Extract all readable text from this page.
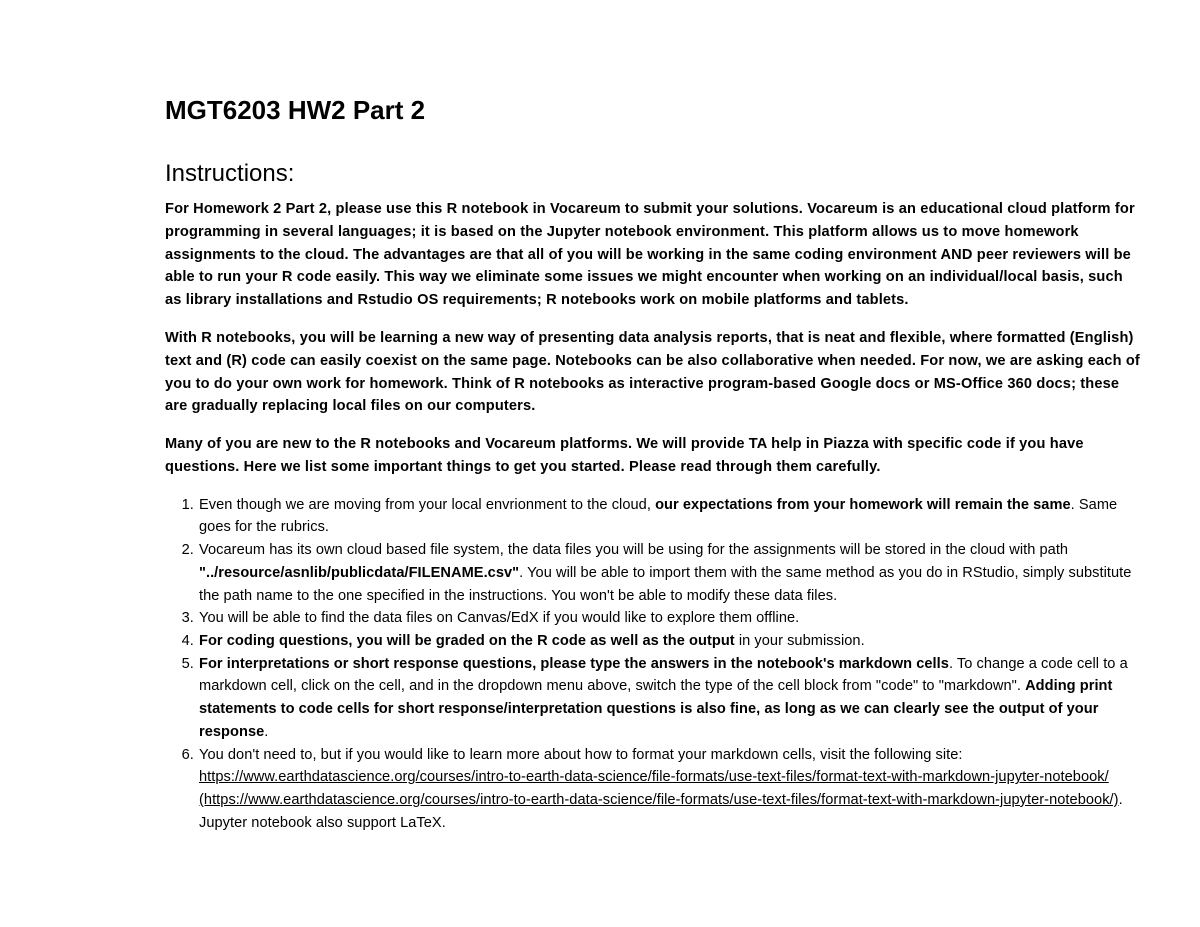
MGT6203 HW2 Part 2
Instructions:

For Homework 2 Part 2, please use this R notebook in Vocareum to submit your solutions. Vocareum is an educational cloud platform for programming in several languages; it is based on the Jupyter notebook environment. This platform allows us to move homework assignments to the cloud. The advantages are that all of you will be working in the same coding environment AND peer reviewers will be able to run your R code easily. This way we eliminate some issues we might encounter when working on an individual/local basis, such as library installations and Rstudio OS requirements; R notebooks work on mobile platforms and tablets.

With R notebooks, you will be learning a new way of presenting data analysis reports, that is neat and flexible, where formatted (English) text and (R) code can easily coexist on the same page. Notebooks can be also collaborative when needed. For now, we are asking each of you to do your own work for homework. Think of R notebooks as interactive program-based Google docs or MS-Office 360 docs; these are gradually replacing local files on our computers.

Many of you are new to the R notebooks and Vocareum platforms. We will provide TA help in Piazza with specific code if you have questions. Here we list some important things to get you started. Please read through them carefully.

1. Even though we are moving from your local envrionment to the cloud, our expectations from your homework will remain the same. Same goes for the rubrics.
2. Vocareum has its own cloud based file system, the data files you will be using for the assignments will be stored in the cloud with path "../resource/asnlib/publicdata/FILENAME.csv". You will be able to import them with the same method as you do in RStudio, simply substitute the path name to the one specified in the instructions. You won't be able to modify these data files.
3. You will be able to find the data files on Canvas/EdX if you would like to explore them offline.
4. For coding questions, you will be graded on the R code as well as the output in your submission.
5. For interpretations or short response questions, please type the answers in the notebook's markdown cells. To change a code cell to a markdown cell, click on the cell, and in the dropdown menu above, switch the type of the cell block from "code" to "markdown". Adding print statements to code cells for short response/interpretation questions is also fine, as long as we can clearly see the output of your response.
6. You don't need to, but if you would like to learn more about how to format your markdown cells, visit the following site: https://www.earthdatascience.org/courses/intro-to-earth-data-science/file-formats/use-text-files/format-text-with-markdown-jupyter-notebook/ (https://www.earthdatascience.org/courses/intro-to-earth-data-science/file-formats/use-text-files/format-text-with-markdown-jupyter-notebook/). Jupyter notebook also support LaTeX.
